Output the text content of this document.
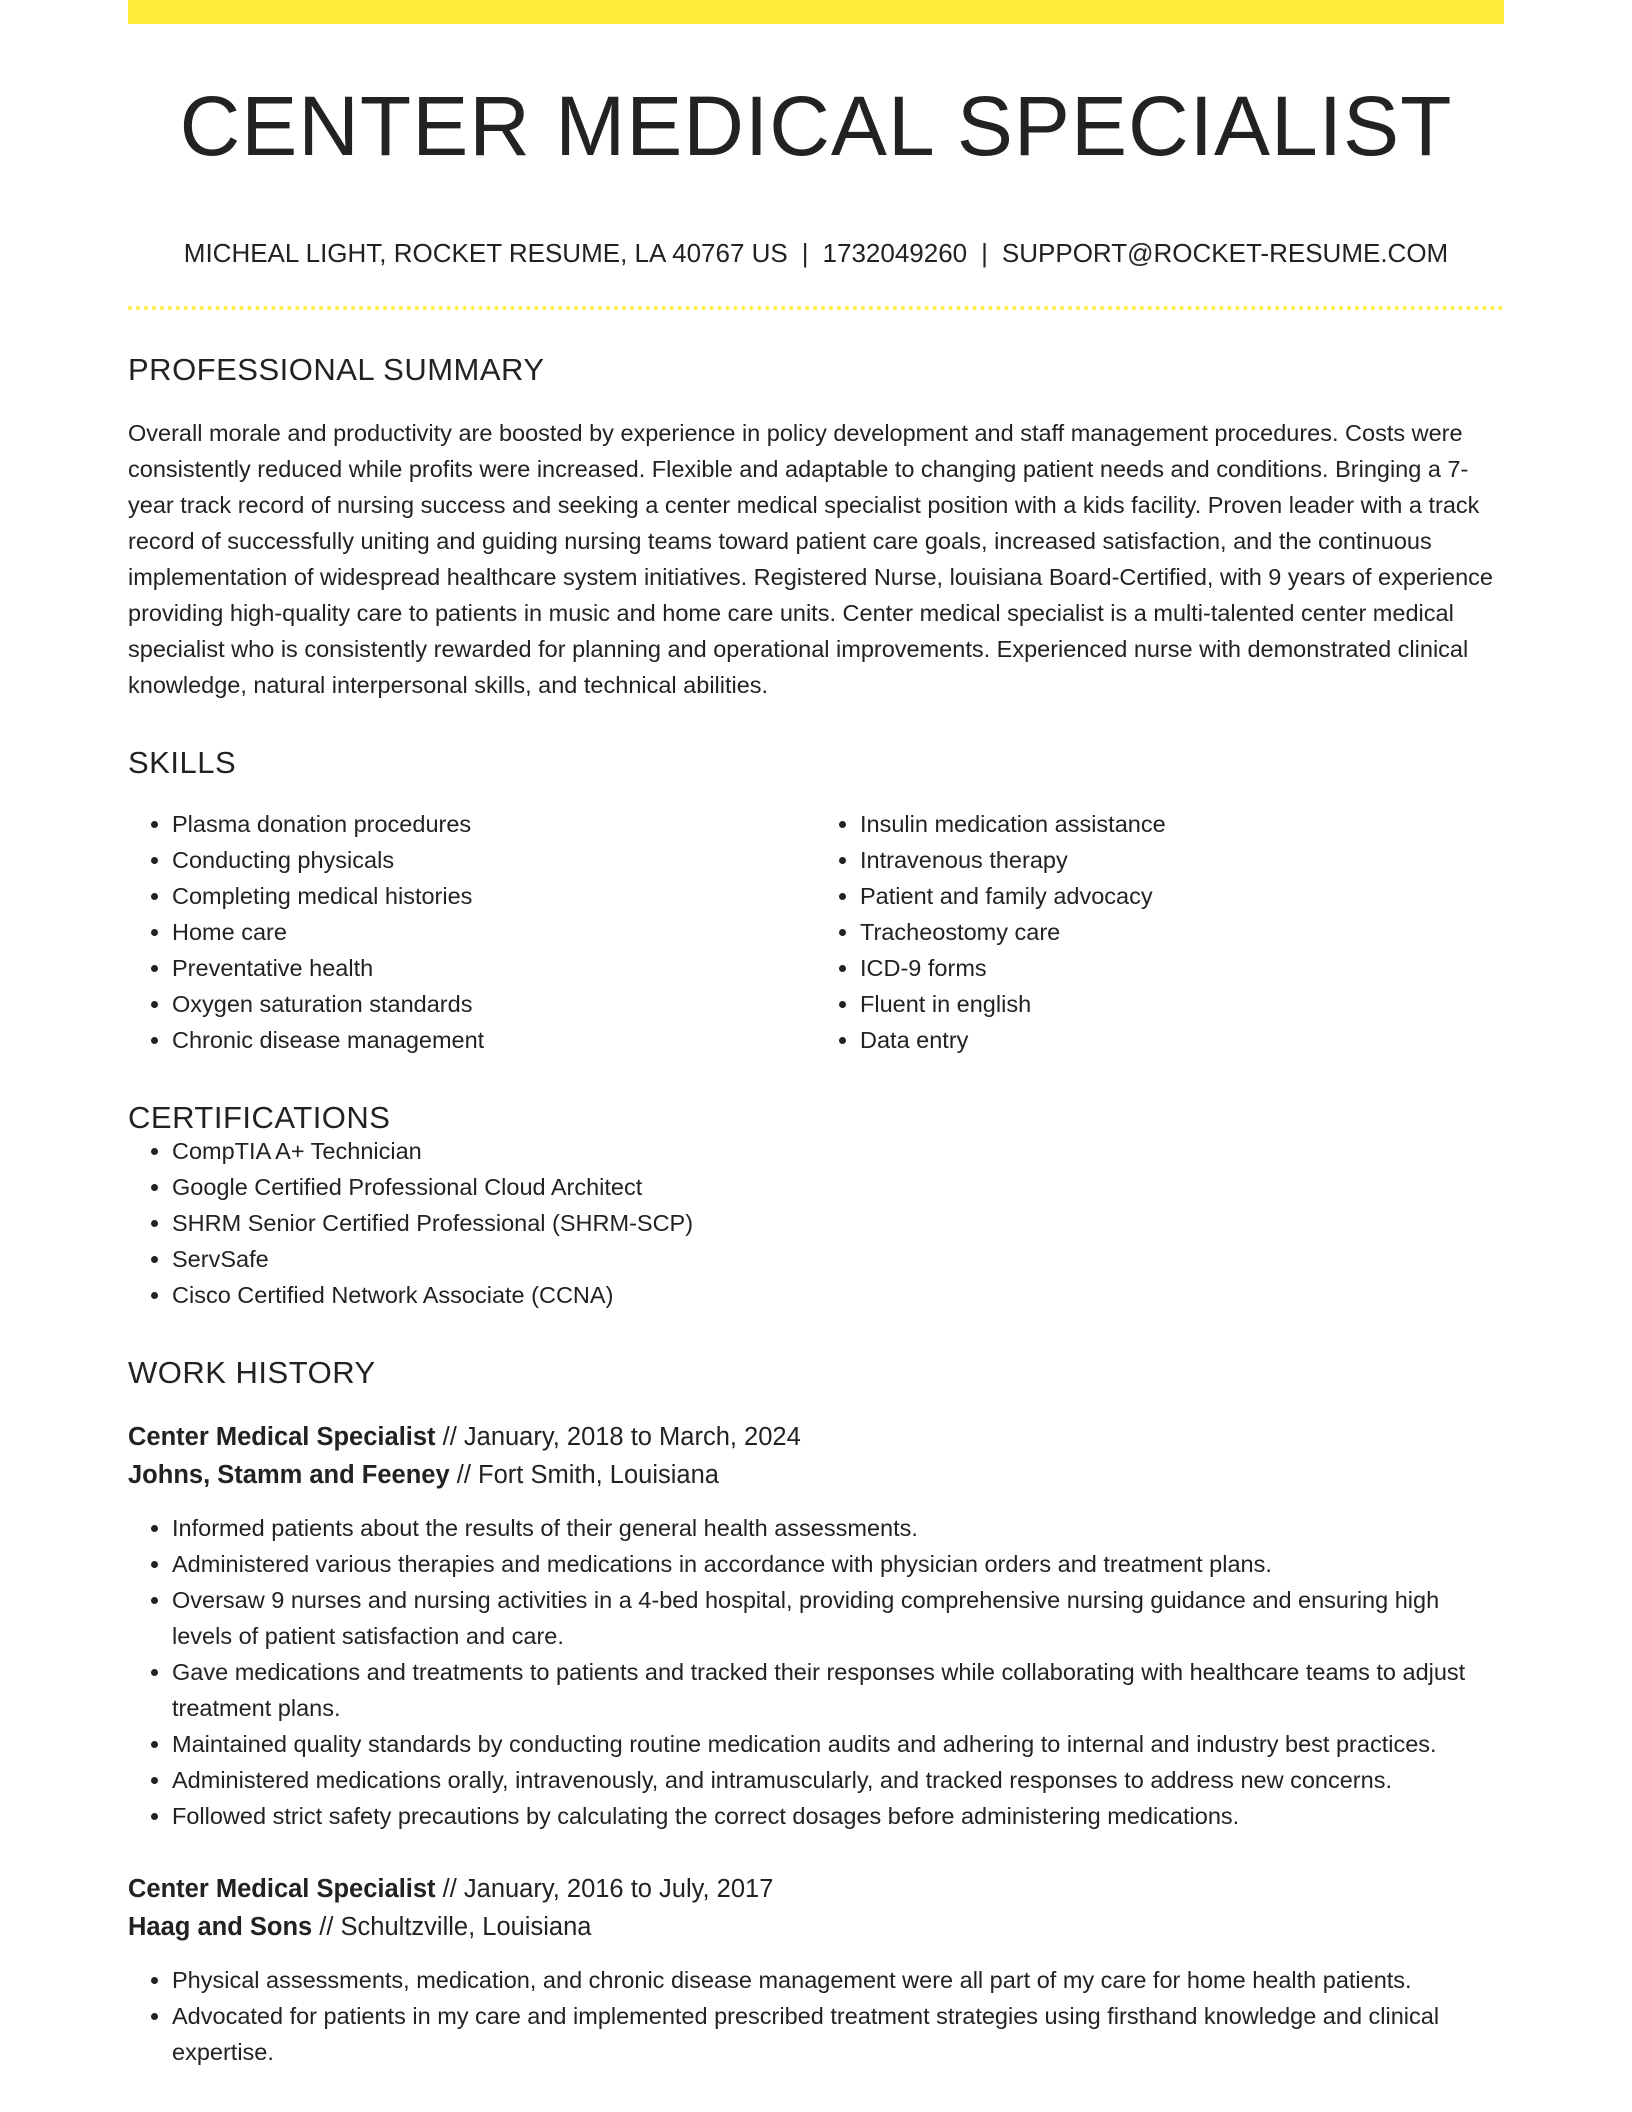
CENTER MEDICAL SPECIALIST
MICHEAL LIGHT, ROCKET RESUME, LA 40767 US | 1732049260 | SUPPORT@ROCKET-RESUME.COM
PROFESSIONAL SUMMARY
Overall morale and productivity are boosted by experience in policy development and staff management procedures. Costs were consistently reduced while profits were increased. Flexible and adaptable to changing patient needs and conditions. Bringing a 7-year track record of nursing success and seeking a center medical specialist position with a kids facility. Proven leader with a track record of successfully uniting and guiding nursing teams toward patient care goals, increased satisfaction, and the continuous implementation of widespread healthcare system initiatives. Registered Nurse, louisiana Board-Certified, with 9 years of experience providing high-quality care to patients in music and home care units. Center medical specialist is a multi-talented center medical specialist who is consistently rewarded for planning and operational improvements. Experienced nurse with demonstrated clinical knowledge, natural interpersonal skills, and technical abilities.
SKILLS
• Plasma donation procedures
• Conducting physicals
• Completing medical histories
• Home care
• Preventative health
• Oxygen saturation standards
• Chronic disease management
• Insulin medication assistance
• Intravenous therapy
• Patient and family advocacy
• Tracheostomy care
• ICD-9 forms
• Fluent in english
• Data entry
CERTIFICATIONS
• CompTIA A+ Technician
• Google Certified Professional Cloud Architect
• SHRM Senior Certified Professional (SHRM-SCP)
• ServSafe
• Cisco Certified Network Associate (CCNA)
WORK HISTORY
Center Medical Specialist // January, 2018 to March, 2024
Johns, Stamm and Feeney // Fort Smith, Louisiana
• Informed patients about the results of their general health assessments.
• Administered various therapies and medications in accordance with physician orders and treatment plans.
• Oversaw 9 nurses and nursing activities in a 4-bed hospital, providing comprehensive nursing guidance and ensuring high levels of patient satisfaction and care.
• Gave medications and treatments to patients and tracked their responses while collaborating with healthcare teams to adjust treatment plans.
• Maintained quality standards by conducting routine medication audits and adhering to internal and industry best practices.
• Administered medications orally, intravenously, and intramuscularly, and tracked responses to address new concerns.
• Followed strict safety precautions by calculating the correct dosages before administering medications.
Center Medical Specialist // January, 2016 to July, 2017
Haag and Sons // Schultzville, Louisiana
• Physical assessments, medication, and chronic disease management were all part of my care for home health patients.
• Advocated for patients in my care and implemented prescribed treatment strategies using firsthand knowledge and clinical expertise.
